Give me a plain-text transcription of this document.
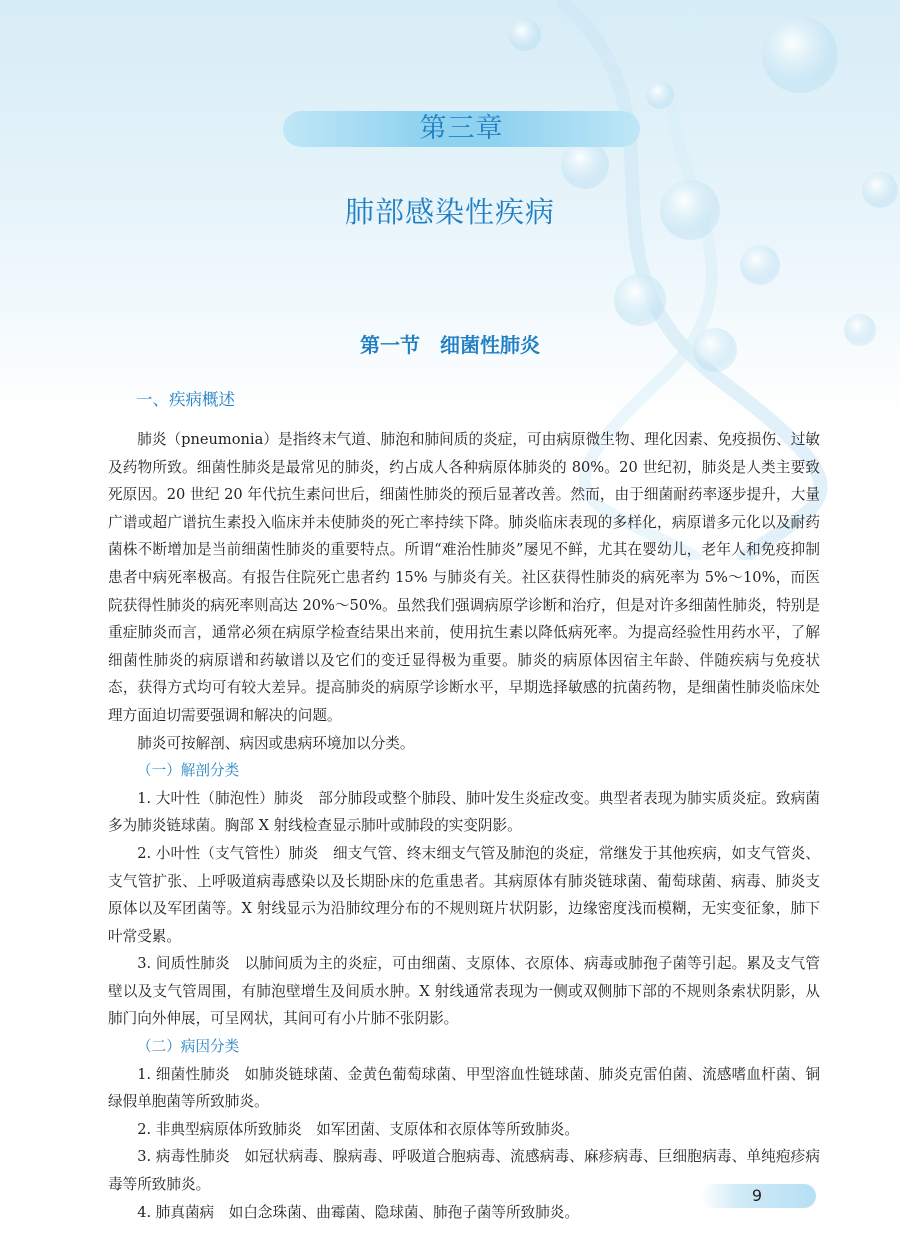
第三章
肺部感染性疾病
第一节　细菌性肺炎
一、疾病概述

肺炎（pneumonia）是指终末气道、肺泡和肺间质的炎症，可由病原微生物、理化因素、免疫损伤、过敏及药物所致。细菌性肺炎是最常见的肺炎，约占成人各种病原体肺炎的 80%。20 世纪初，肺炎是人类主要致死原因。20 世纪 20 年代抗生素问世后，细菌性肺炎的预后显著改善。然而，由于细菌耐药率逐步提升，大量广谱或超广谱抗生素投入临床并未使肺炎的死亡率持续下降。肺炎临床表现的多样化，病原谱多元化以及耐药菌株不断增加是当前细菌性肺炎的重要特点。所谓“难治性肺炎”屡见不鲜，尤其在婴幼儿，老年人和免疫抑制患者中病死率极高。有报告住院死亡患者约 15% 与肺炎有关。社区获得性肺炎的病死率为 5%～10%，而医院获得性肺炎的病死率则高达 20%～50%。虽然我们强调病原学诊断和治疗，但是对许多细菌性肺炎，特别是重症肺炎而言，通常必须在病原学检查结果出来前，使用抗生素以降低病死率。为提高经验性用药水平，了解细菌性肺炎的病原谱和药敏谱以及它们的变迁显得极为重要。肺炎的病原体因宿主年龄、伴随疾病与免疫状态，获得方式均可有较大差异。提高肺炎的病原学诊断水平，早期选择敏感的抗菌药物，是细菌性肺炎临床处理方面迫切需要强调和解决的问题。

肺炎可按解剖、病因或患病环境加以分类。

（一）解剖分类

1. 大叶性（肺泡性）肺炎　部分肺段或整个肺段、肺叶发生炎症改变。典型者表现为肺实质炎症。致病菌多为肺炎链球菌。胸部 X 射线检查显示肺叶或肺段的实变阴影。

2. 小叶性（支气管性）肺炎　细支气管、终末细支气管及肺泡的炎症，常继发于其他疾病，如支气管炎、支气管扩张、上呼吸道病毒感染以及长期卧床的危重患者。其病原体有肺炎链球菌、葡萄球菌、病毒、肺炎支原体以及军团菌等。X 射线显示为沿肺纹理分布的不规则斑片状阴影，边缘密度浅而模糊，无实变征象，肺下叶常受累。

3. 间质性肺炎　以肺间质为主的炎症，可由细菌、支原体、衣原体、病毒或肺孢子菌等引起。累及支气管壁以及支气管周围，有肺泡壁增生及间质水肿。X 射线通常表现为一侧或双侧肺下部的不规则条索状阴影，从肺门向外伸展，可呈网状，其间可有小片肺不张阴影。

（二）病因分类

1. 细菌性肺炎　如肺炎链球菌、金黄色葡萄球菌、甲型溶血性链球菌、肺炎克雷伯菌、流感嗜血杆菌、铜绿假单胞菌等所致肺炎。

2. 非典型病原体所致肺炎　如军团菌、支原体和衣原体等所致肺炎。

3. 病毒性肺炎　如冠状病毒、腺病毒、呼吸道合胞病毒、流感病毒、麻疹病毒、巨细胞病毒、单纯疱疹病毒等所致肺炎。

4. 肺真菌病　如白念珠菌、曲霉菌、隐球菌、肺孢子菌等所致肺炎。

9
